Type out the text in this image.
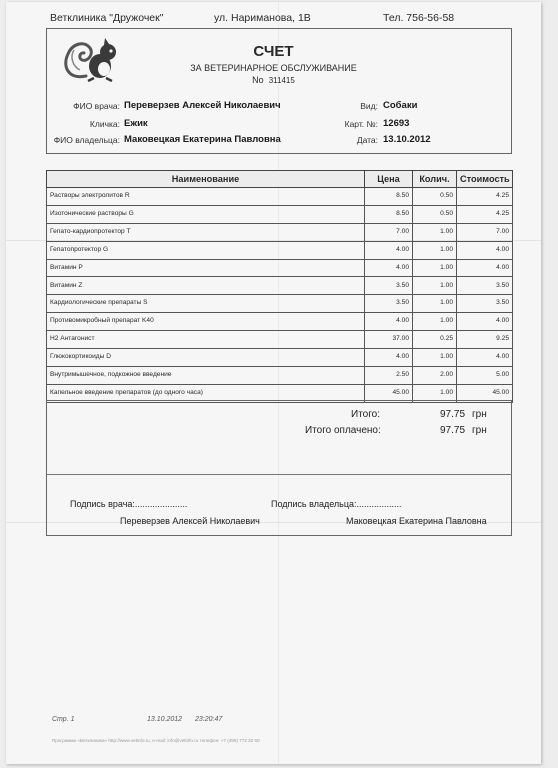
Ветклиника "Дружочек"	ул. Нариманова, 1В	Тел. 756-56-58
СЧЕТ
ЗА ВЕТЕРИНАРНОЕ ОБСЛУЖИВАНИЕ
No 311415
ФИО врача: Переверзев Алексей Николаевич
Кличка: Ежик
ФИО владельца: Маковецкая Екатерина Павловна
Вид: Собаки
Карт. №: 12693
Дата: 13.10.2012
Наименование	Цена	Колич.	Стоимость
Растворы электролитов R	8.50	0.50	4.25
Изотонические растворы G	8.50	0.50	4.25
Гепато-кардиопротектор T	7.00	1.00	7.00
Гепатопротектор G	4.00	1.00	4.00
Витамин P	4.00	1.00	4.00
Витамин Z	3.50	1.00	3.50
Кардиологические препараты S	3.50	1.00	3.50
Противомикробный препарат K40	4.00	1.00	4.00
H2 Антагонист	37.00	0.25	9.25
Глюкокортикоиды D	4.00	1.00	4.00
Внутримышечное, подкожное введение	2.50	2.00	5.00
Капельное введение препаратов (до одного часа)	45.00	1.00	45.00
Итого:	97.75 грн
Итого оплачено:	97.75 грн
Подпись врача:.....................
Переверзев Алексей Николаевич
Подпись владельца:..................
Маковецкая Екатерина Павловна
Стр. 1	13.10.2012 23:20:47
Программа «Ветклиника» http://www.vetinfo.ru, e-mail: info@vetinfo.ru телефон: +7 (495) 772 32 50
